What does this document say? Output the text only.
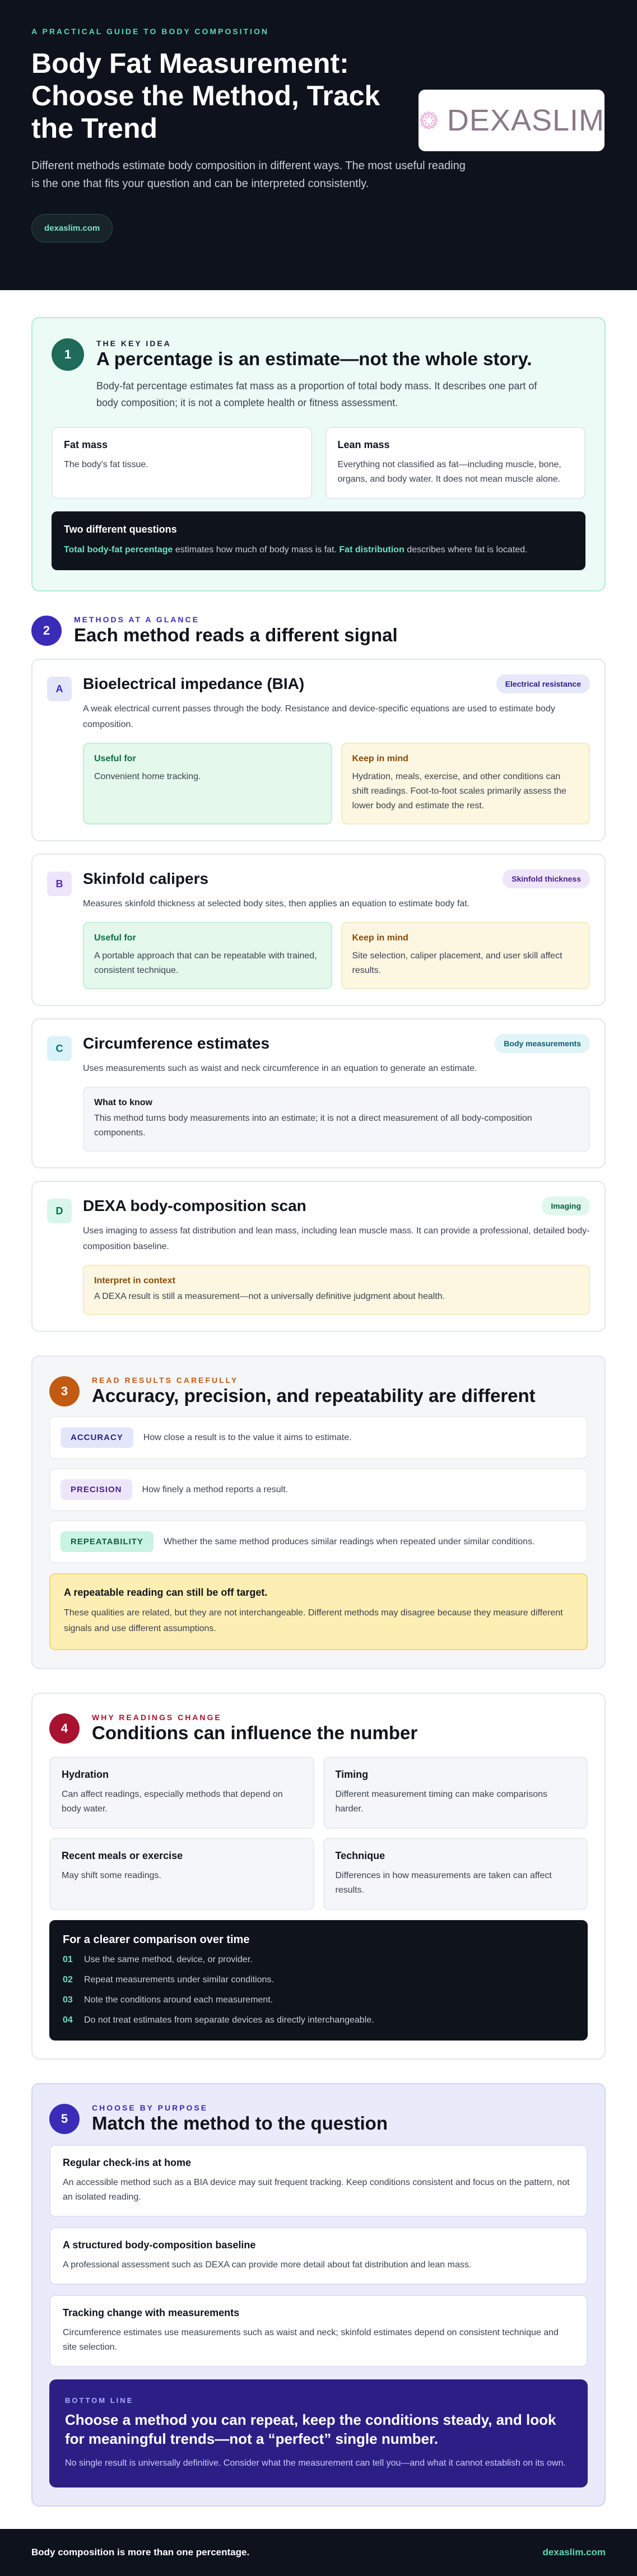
A PRACTICAL GUIDE TO BODY COMPOSITION
Body Fat Measurement: Choose the Method, Track the Trend

Different methods estimate body composition in different ways. The most useful reading is the one that fits your question and can be interpreted consistently.

dexaslim.com
DEXASLIM
1
THE KEY IDEA
A percentage is an estimate—not the whole story.

Body-fat percentage estimates fat mass as a proportion of total body mass. It describes one part of body composition; it is not a complete health or fitness assessment.

Fat mass

The body's fat tissue.

Lean mass

Everything not classified as fat—including muscle, bone, organs, and body water. It does not mean muscle alone.

Two different questions

Total body-fat percentage estimates how much of body mass is fat. Fat distribution describes where fat is located.

2
METHODS AT A GLANCE
Each method reads a different signal
A	Bioelectrical impedance (BIA)	Electrical resistance

A weak electrical current passes through the body. Resistance and device-specific equations are used to estimate body composition.

Useful for

Convenient home tracking.

Keep in mind

Hydration, meals, exercise, and other conditions can shift readings. Foot-to-foot scales primarily assess the lower body and estimate the rest.

B	Skinfold calipers	Skinfold thickness

Measures skinfold thickness at selected body sites, then applies an equation to estimate body fat.

Useful for

A portable approach that can be repeatable with trained, consistent technique.

Keep in mind

Site selection, caliper placement, and user skill affect results.

C	Circumference estimates	Body measurements

Uses measurements such as waist and neck circumference in an equation to generate an estimate.

What to know

This method turns body measurements into an estimate; it is not a direct measurement of all body-composition components.

D	DEXA body-composition scan	Imaging

Uses imaging to assess fat distribution and lean mass, including lean muscle mass. It can provide a professional, detailed body-composition baseline.

Interpret in context

A DEXA result is still a measurement—not a universally definitive judgment about health.

3
READ RESULTS CAREFULLY
Accuracy, precision, and repeatability are different
ACCURACY	How close a result is to the value it aims to estimate.

PRECISION	How finely a method reports a result.

REPEATABILITY	Whether the same method produces similar readings when repeated under similar conditions.

A repeatable reading can still be off target.

These qualities are related, but they are not interchangeable. Different methods may disagree because they measure different signals and use different assumptions.

4
WHY READINGS CHANGE
Conditions can influence the number
Hydration

Can affect readings, especially methods that depend on body water.

Timing

Different measurement timing can make comparisons harder.

Recent meals or exercise

May shift some readings.

Technique

Differences in how measurements are taken can affect results.

For a clearer comparison over time
01 Use the same method, device, or provider.
02 Repeat measurements under similar conditions.
03 Note the conditions around each measurement.
04 Do not treat estimates from separate devices as directly interchangeable.
5
CHOOSE BY PURPOSE
Match the method to the question
Regular check-ins at home

An accessible method such as a BIA device may suit frequent tracking. Keep conditions consistent and focus on the pattern, not an isolated reading.

A structured body-composition baseline

A professional assessment such as DEXA can provide more detail about fat distribution and lean mass.

Tracking change with measurements

Circumference estimates use measurements such as waist and neck; skinfold estimates depend on consistent technique and site selection.

BOTTOM LINE
Choose a method you can repeat, keep the conditions steady, and look for meaningful trends—not a “perfect” single number.

No single result is universally definitive. Consider what the measurement can tell you—and what it cannot establish on its own.

Body composition is more than one percentage.	dexaslim.com
